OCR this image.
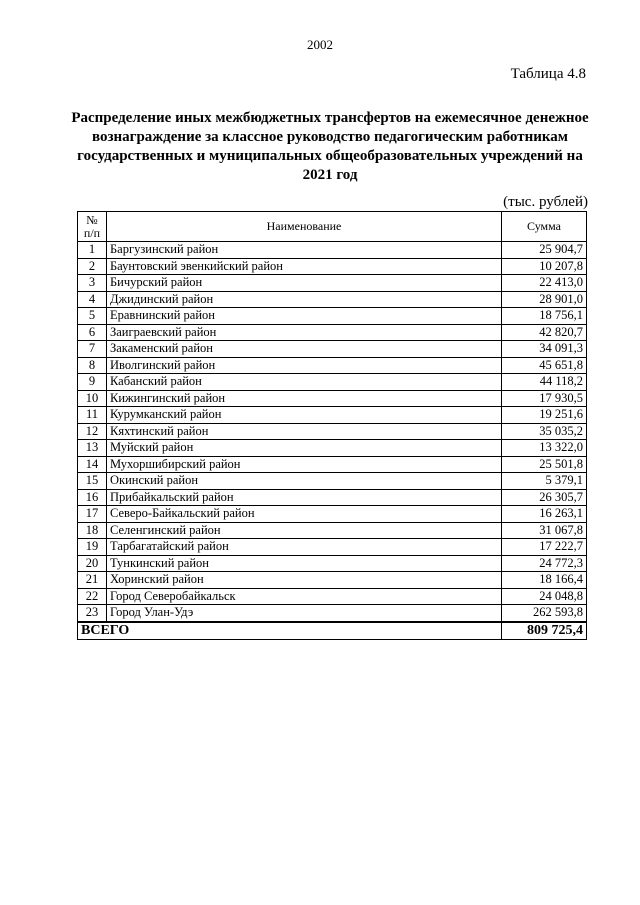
2002
Таблица 4.8
Распределение иных межбюджетных трансфертов на ежемесячное денежное вознаграждение за классное руководство педагогическим работникам государственных и муниципальных общеобразовательных учреждений на 2021 год
(тыс. рублей)
№
п/п	Наименование	Сумма
1	Баргузинский район	25 904,7
2	Баунтовский эвенкийский район	10 207,8
3	Бичурский район	22 413,0
4	Джидинский район	28 901,0
5	Еравнинский район	18 756,1
6	Заиграевский район	42 820,7
7	Закаменский район	34 091,3
8	Иволгинский район	45 651,8
9	Кабанский район	44 118,2
10	Кижингинский район	17 930,5
11	Курумканский район	19 251,6
12	Кяхтинский район	35 035,2
13	Муйский район	13 322,0
14	Мухоршибирский район	25 501,8
15	Окинский район	5 379,1
16	Прибайкальский район	26 305,7
17	Северо-Байкальский район	16 263,1
18	Селенгинский район	31 067,8
19	Тарбагатайский район	17 222,7
20	Тункинский район	24 772,3
21	Хоринский район	18 166,4
22	Город Северобайкальск	24 048,8
23	Город Улан-Удэ	262 593,8
ВСЕГО		809 725,4
